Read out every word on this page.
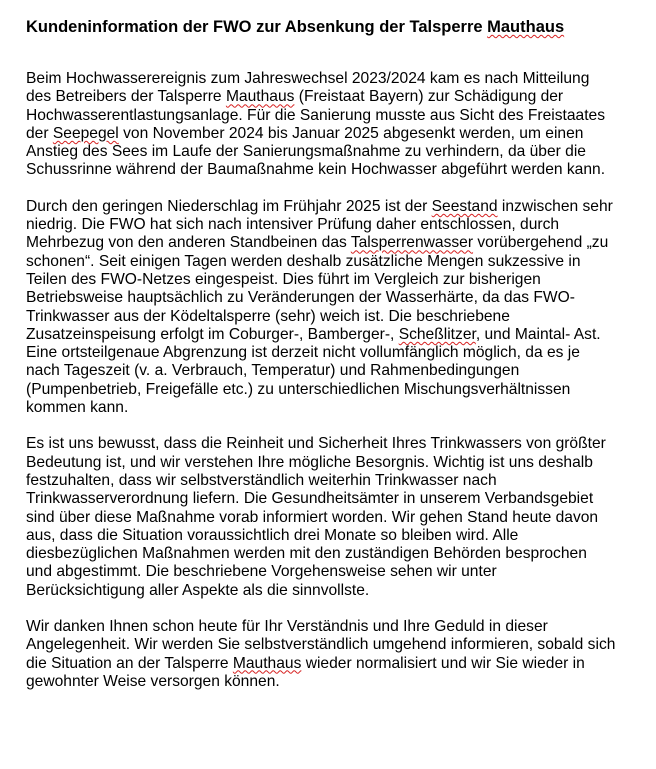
Kundeninformation der FWO zur Absenkung der Talsperre Mauthaus
Beim Hochwasserereignis zum Jahreswechsel 2023/2024 kam es nach Mitteilung
des Betreibers der Talsperre Mauthaus (Freistaat Bayern) zur Schädigung der
Hochwasserentlastungsanlage. Für die Sanierung musste aus Sicht des Freistaates
der Seepegel von November 2024 bis Januar 2025 abgesenkt werden, um einen
Anstieg des Sees im Laufe der Sanierungsmaßnahme zu verhindern, da über die
Schussrinne während der Baumaßnahme kein Hochwasser abgeführt werden kann.
Durch den geringen Niederschlag im Frühjahr 2025 ist der Seestand inzwischen sehr
niedrig. Die FWO hat sich nach intensiver Prüfung daher entschlossen, durch
Mehrbezug von den anderen Standbeinen das Talsperrenwasser vorübergehend „zu
schonen“. Seit einigen Tagen werden deshalb zusätzliche Mengen sukzessive in
Teilen des FWO-Netzes eingespeist. Dies führt im Vergleich zur bisherigen
Betriebsweise hauptsächlich zu Veränderungen der Wasserhärte, da das FWO-
Trinkwasser aus der Ködeltalsperre (sehr) weich ist. Die beschriebene
Zusatzeinspeisung erfolgt im Coburger-, Bamberger-, Scheßlitzer, und Maintal- Ast.
Eine ortsteilgenaue Abgrenzung ist derzeit nicht vollumfänglich möglich, da es je
nach Tageszeit (v. a. Verbrauch, Temperatur) und Rahmenbedingungen
(Pumpenbetrieb, Freigefälle etc.) zu unterschiedlichen Mischungsverhältnissen
kommen kann.
Es ist uns bewusst, dass die Reinheit und Sicherheit Ihres Trinkwassers von größter
Bedeutung ist, und wir verstehen Ihre mögliche Besorgnis. Wichtig ist uns deshalb
festzuhalten, dass wir selbstverständlich weiterhin Trinkwasser nach
Trinkwasserverordnung liefern. Die Gesundheitsämter in unserem Verbandsgebiet
sind über diese Maßnahme vorab informiert worden. Wir gehen Stand heute davon
aus, dass die Situation voraussichtlich drei Monate so bleiben wird. Alle
diesbezüglichen Maßnahmen werden mit den zuständigen Behörden besprochen
und abgestimmt. Die beschriebene Vorgehensweise sehen wir unter
Berücksichtigung aller Aspekte als die sinnvollste.
Wir danken Ihnen schon heute für Ihr Verständnis und Ihre Geduld in dieser
Angelegenheit. Wir werden Sie selbstverständlich umgehend informieren, sobald sich
die Situation an der Talsperre Mauthaus wieder normalisiert und wir Sie wieder in
gewohnter Weise versorgen können.
